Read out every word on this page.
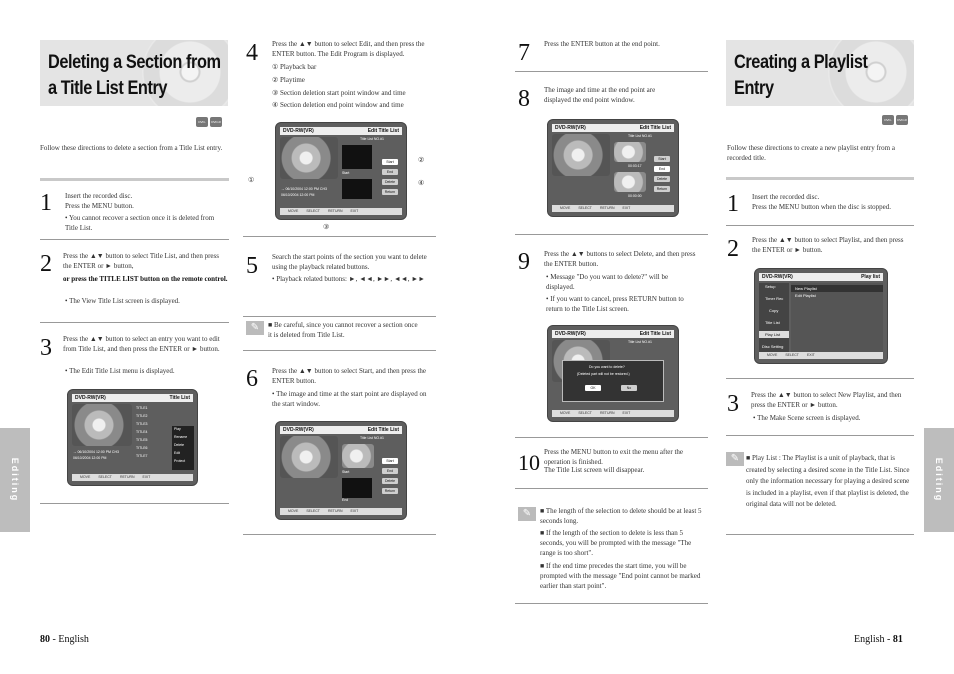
Deleting a Section from a Title List Entry
DVD-RW
DVD-R
Follow these directions to delete a section from a Title List entry.
1 Insert the recorded disc.
Press the MENU button.
• You cannot recover a section once it is deleted from Title List.
2 Press the ▲▼ button to select Title List, and then press the ENTER or ► button,
or press the TITLE LIST button on the remote control.
• The View Title List screen is displayed.
3 Press the ▲▼ button to select an entry you want to edit from Title List, and then press the ENTER or ► button.
• The Edit Title List menu is displayed.
DVD-RW(VR)	Title List
→ 06/10/2004 12:00 PM CH3
06/10/2004 12:00 PM
TITLE1
TITLE2
TITLE3
TITLE4
TITLE5
TITLE6
TITLE7
Play
Rename
Delete
Edit
Protect
MOVE SELECT RETURN EXIT
4 Press the ▲▼ button to select Edit, and then press the ENTER button. The Edit Program is displayed.
① Playback bar
② Playtime
③ Section deletion start point window and time
④ Section deletion end point window and time
DVD-RW(VR)	Edit Title List
Title List NO.#1
Start
Start
End
Delete
Return
→ 06/10/2004 12:00 PM CH3
06/10/2004 12:00 PM
MOVE SELECT RETURN EXIT
①
②
③
④
5 Search the start points of the section you want to delete using the playback related buttons.
• Playback related buttons: ►, ◄◄, ►►, ◄◄, ►►
✎	■ Be careful, since you cannot recover a section once it is deleted from Title List.
6 Press the ▲▼ button to select Start, and then press the ENTER button.
• The image and time at the start point are displayed on the start window.
DVD-RW(VR)	Edit Title List
Title List NO.#1
Start
End
Start
End
Delete
Return
MOVE SELECT RETURN EXIT
Editing
80 - English
7 Press the ENTER button at the end point.
8 The image and time at the end point are displayed the end point window.
DVD-RW(VR)	Edit Title List
Title List NO.#1
00:03:17
00:00:00
Start
End
Delete
Return
MOVE SELECT RETURN EXIT
9 Press the ▲▼ buttons to select Delete, and then press the ENTER button.
• Message "Do you want to delete?" will be displayed.
• If you want to cancel, press RETURN button to return to the Title List screen.
DVD-RW(VR)	Edit Title List
Title List NO.#1
Do you want to delete?
(Deleted part will not be restored.)
OK	No
MOVE SELECT RETURN EXIT
10 Press the MENU button to exit the menu after the operation is finished.
The Title List screen will disappear.
✎	■ The length of the selection to delete should be at least 5 seconds long.
■ If the length of the section to delete is less than 5 seconds, you will be prompted with the message "The range is too short".
■ If the end time precedes the start time, you will be prompted with the message "End point cannot be marked earlier than start point".
Creating a Playlist Entry
DVD-RW
DVD-R
Follow these directions to create a new playlist entry from a recorded title.
1 Insert the recorded disc.
Press the MENU button when the disc is stopped.
2 Press the ▲▼ button to select Playlist, and then press the ENTER or ► button.
DVD-RW(VR)	Play list
Setup
Timer Rec
Copy
Title List
Play List
Disc Setting
New Playlist
Edit Playlist
MOVE SELECT EXIT
3 Press the ▲▼ button to select New Playlist, and then press the ENTER or ► button.
• The Make Scene screen is displayed.
✎ ■ Play List : The Playlist is a unit of playback, that is created by selecting a desired scene in the Title List. Since only the information necessary for playing a desired scene is included in a playlist, even if that playlist is deleted, the original data will not be deleted.
Editing
English - 81
